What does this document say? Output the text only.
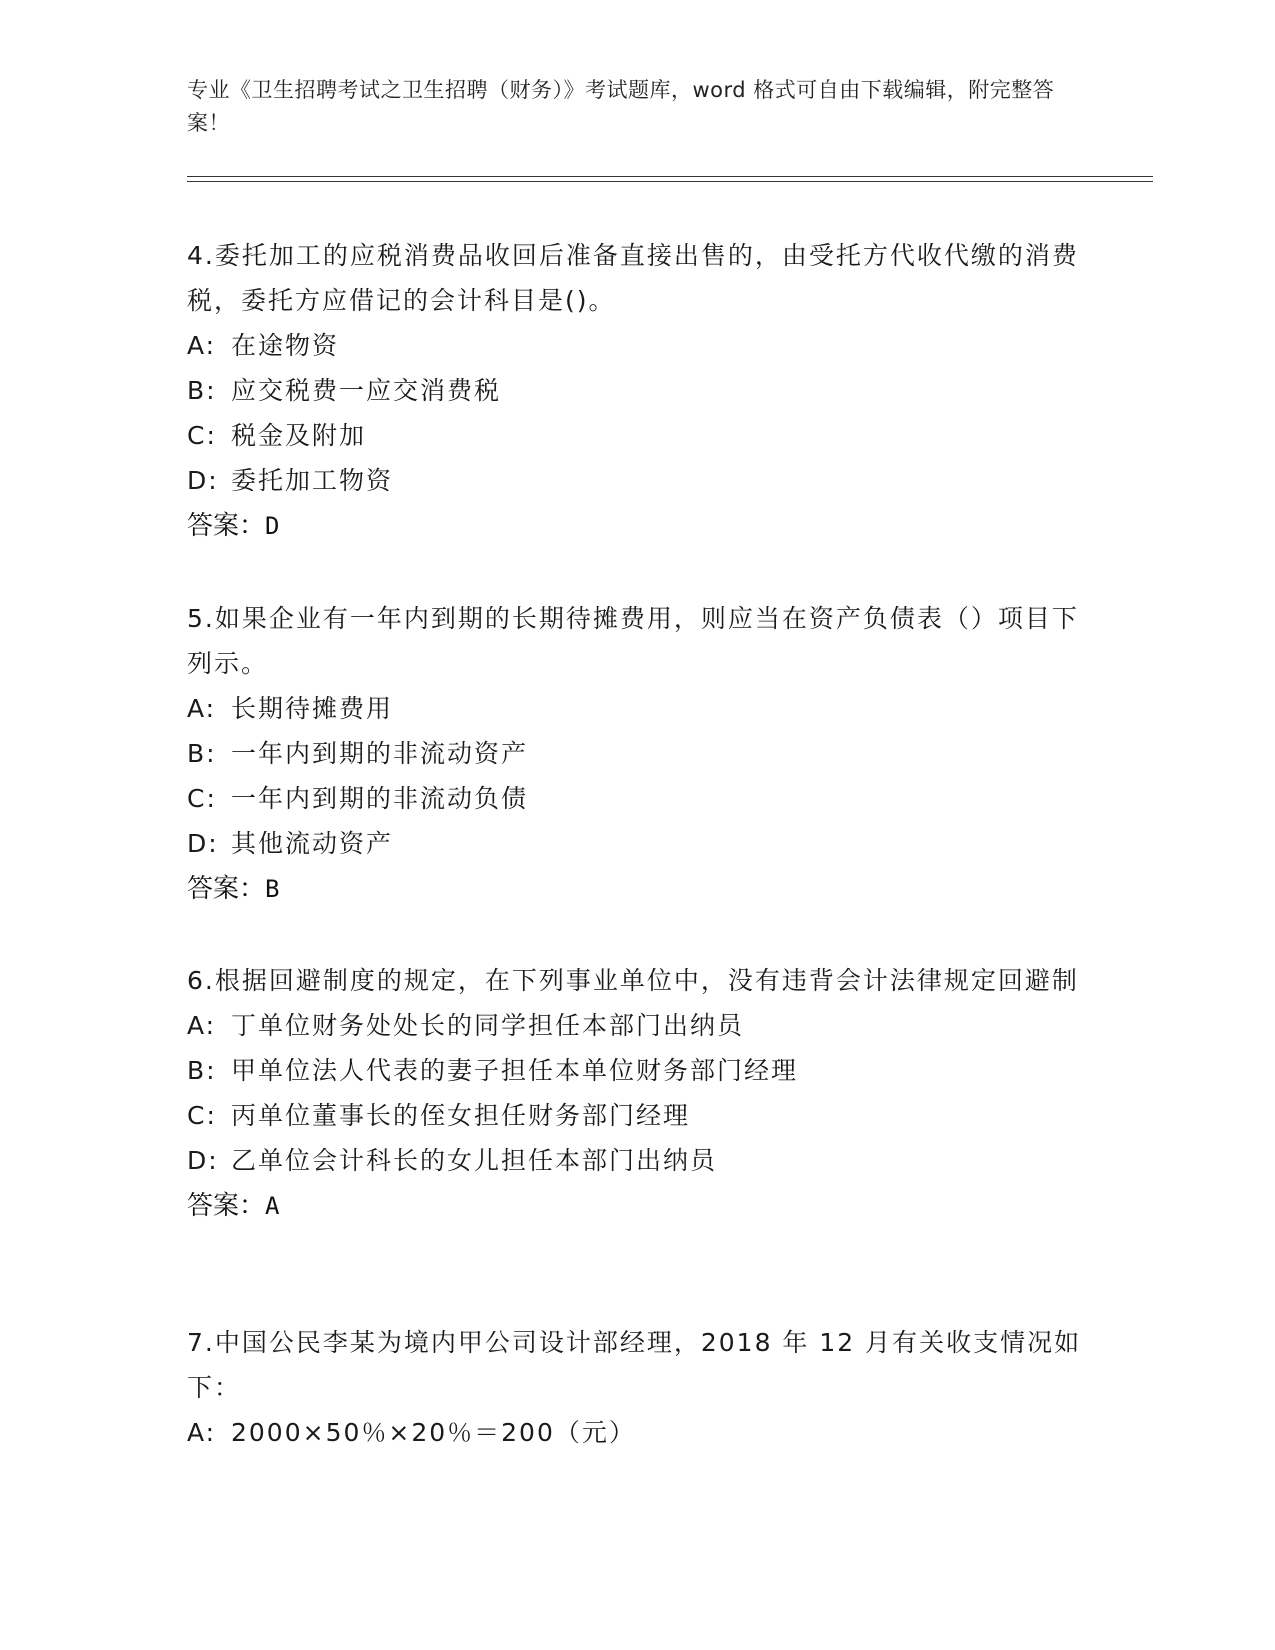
专业《卫生招聘考试之卫生招聘（财务）》考试题库，word 格式可自由下载编辑，附完整答案！
4.委托加工的应税消费品收回后准备直接出售的，由受托方代收代缴的消费税，委托方应借记的会计科目是()。
A: 在途物资
B: 应交税费一应交消费税
C: 税金及附加
D: 委托加工物资
答案：D
5.如果企业有一年内到期的长期待摊费用，则应当在资产负债表（）项目下列示。
A: 长期待摊费用
B: 一年内到期的非流动资产
C: 一年内到期的非流动负债
D: 其他流动资产
答案：B
6.根据回避制度的规定，在下列事业单位中，没有违背会计法律规定回避制
A: 丁单位财务处处长的同学担任本部门出纳员
B: 甲单位法人代表的妻子担任本单位财务部门经理
C: 丙单位董事长的侄女担任财务部门经理
D: 乙单位会计科长的女儿担任本部门出纳员
答案：A
7.中国公民李某为境内甲公司设计部经理，2018 年 12 月有关收支情况如下：
A: 2000×50％×20％＝200（元）
